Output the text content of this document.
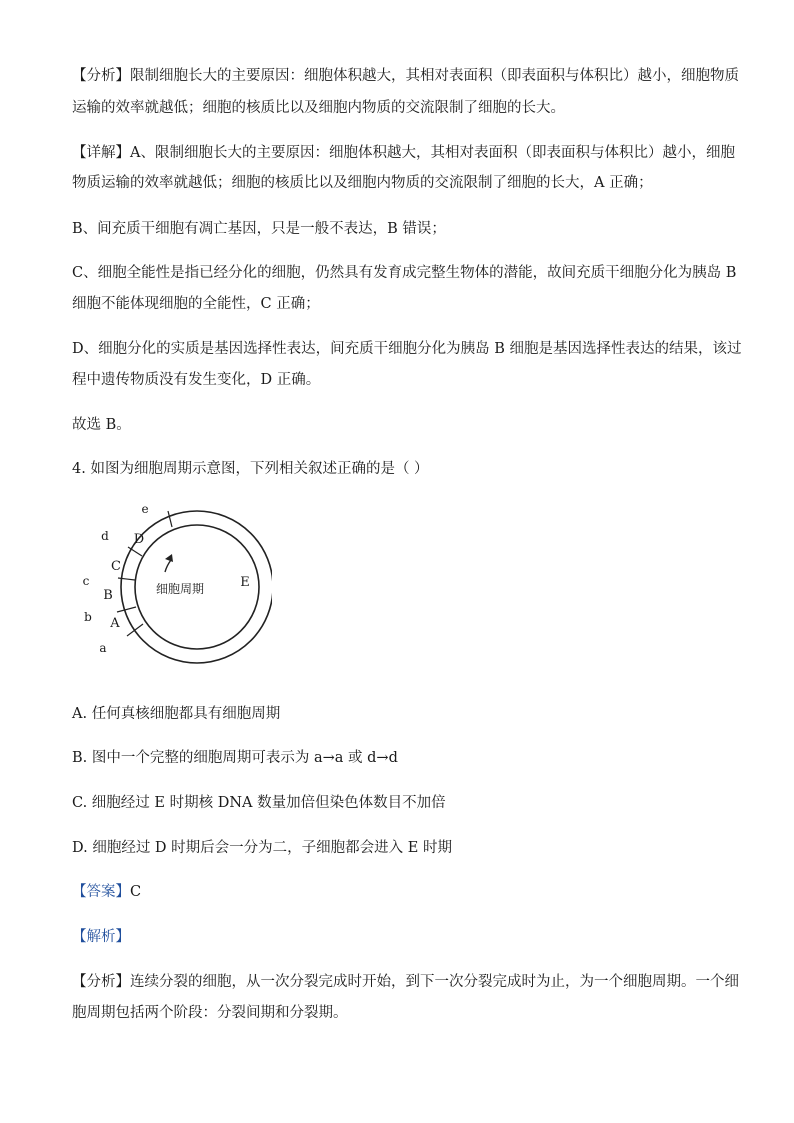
【分析】限制细胞长大的主要原因：细胞体积越大，其相对表面积（即表面积与体积比）越小，细胞物质
运输的效率就越低；细胞的核质比以及细胞内物质的交流限制了细胞的长大。
【详解】A、限制细胞长大的主要原因：细胞体积越大，其相对表面积（即表面积与体积比）越小，细胞
物质运输的效率就越低；细胞的核质比以及细胞内物质的交流限制了细胞的长大，A 正确；
B、间充质干细胞有凋亡基因，只是一般不表达，B 错误；
C、细胞全能性是指已经分化的细胞，仍然具有发育成完整生物体的潜能，故间充质干细胞分化为胰岛 B
细胞不能体现细胞的全能性，C 正确；
D、细胞分化的实质是基因选择性表达，间充质干细胞分化为胰岛 B 细胞是基因选择性表达的结果，该过
程中遗传物质没有发生变化，D 正确。
故选 B。
4. 如图为细胞周期示意图，下列相关叙述正确的是（ ）
细胞周期
A
B
C
D
E
a
b
c
d
e
A. 任何真核细胞都具有细胞周期
B. 图中一个完整的细胞周期可表示为 a→a 或 d→d
C. 细胞经过 E 时期核 DNA 数量加倍但染色体数目不加倍
D. 细胞经过 D 时期后会一分为二，子细胞都会进入 E 时期
【答案】C
【解析】
【分析】连续分裂的细胞，从一次分裂完成时开始，到下一次分裂完成时为止，为一个细胞周期。一个细
胞周期包括两个阶段：分裂间期和分裂期。
